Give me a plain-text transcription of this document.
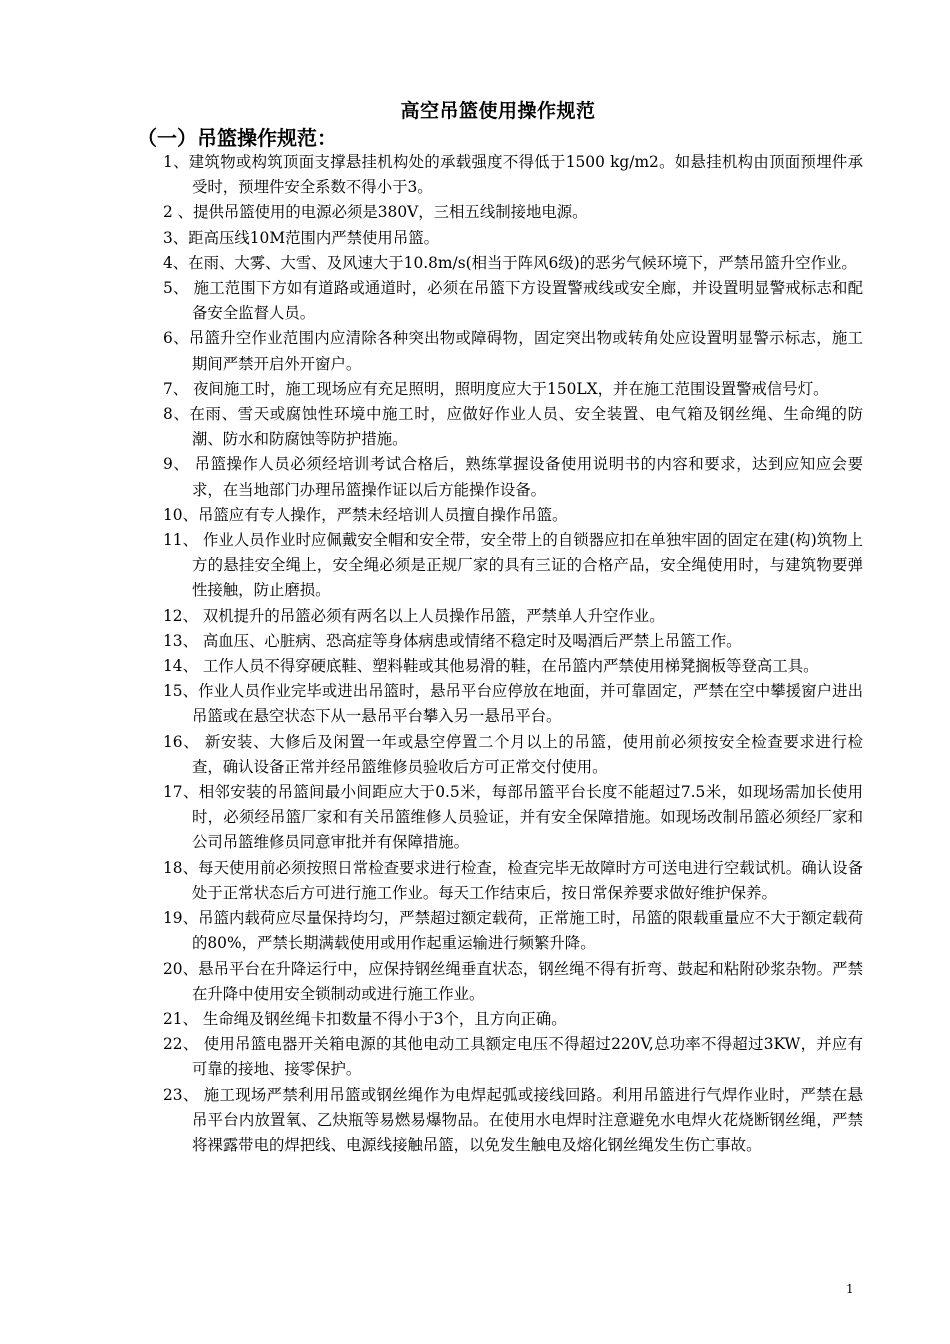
高空吊篮使用操作规范
（一）吊篮操作规范：

1、建筑物或构筑顶面支撑悬挂机构处的承载强度不得低于1500 kg/m2。如悬挂机构由顶面预埋件承受时，预埋件安全系数不得小于3。

2 、提供吊篮使用的电源必须是380V，三相五线制接地电源。

3、距高压线10M范围内严禁使用吊篮。

4、在雨、大雾、大雪、及风速大于10.8m/s(相当于阵风6级)的恶劣气候环境下，严禁吊篮升空作业。

5、 施工范围下方如有道路或通道时，必须在吊篮下方设置警戒线或安全廊，并设置明显警戒标志和配备安全监督人员。

6、吊篮升空作业范围内应清除各种突出物或障碍物，固定突出物或转角处应设置明显警示标志，施工期间严禁开启外开窗户。

7、 夜间施工时，施工现场应有充足照明，照明度应大于150LX，并在施工范围设置警戒信号灯。

8、在雨、雪天或腐蚀性环境中施工时，应做好作业人员、安全装置、电气箱及钢丝绳、生命绳的防潮、防水和防腐蚀等防护措施。

9、 吊篮操作人员必须经培训考试合格后，熟练掌握设备使用说明书的内容和要求，达到应知应会要求，在当地部门办理吊篮操作证以后方能操作设备。

10、吊篮应有专人操作，严禁未经培训人员擅自操作吊篮。

11、 作业人员作业时应佩戴安全帽和安全带，安全带上的自锁器应扣在单独牢固的固定在建(构)筑物上方的悬挂安全绳上，安全绳必须是正规厂家的具有三证的合格产品，安全绳使用时，与建筑物要弹性接触，防止磨损。

12、 双机提升的吊篮必须有两名以上人员操作吊篮，严禁单人升空作业。

13、 高血压、心脏病、恐高症等身体病患或情绪不稳定时及喝酒后严禁上吊篮工作。

14、 工作人员不得穿硬底鞋、塑料鞋或其他易滑的鞋，在吊篮内严禁使用梯凳搁板等登高工具。

15、作业人员作业完毕或进出吊篮时，悬吊平台应停放在地面，并可靠固定，严禁在空中攀援窗户进出吊篮或在悬空状态下从一悬吊平台攀入另一悬吊平台。

16、 新安装、大修后及闲置一年或悬空停置二个月以上的吊篮，使用前必须按安全检查要求进行检查，确认设备正常并经吊篮维修员验收后方可正常交付使用。

17、相邻安装的吊篮间最小间距应大于0.5米，每部吊篮平台长度不能超过7.5米，如现场需加长使用时，必须经吊篮厂家和有关吊篮维修人员验证，并有安全保障措施。如现场改制吊篮必须经厂家和公司吊篮维修员同意审批并有保障措施。

18、每天使用前必须按照日常检查要求进行检查，检查完毕无故障时方可送电进行空载试机。确认设备处于正常状态后方可进行施工作业。每天工作结束后，按日常保养要求做好维护保养。

19、吊篮内载荷应尽量保持均匀，严禁超过额定载荷，正常施工时，吊篮的限载重量应不大于额定载荷的80%，严禁长期满载使用或用作起重运输进行频繁升降。

20、悬吊平台在升降运行中，应保持钢丝绳垂直状态，钢丝绳不得有折弯、鼓起和粘附砂浆杂物。严禁在升降中使用安全锁制动或进行施工作业。

21、 生命绳及钢丝绳卡扣数量不得小于3个，且方向正确。

22、 使用吊篮电器开关箱电源的其他电动工具额定电压不得超过220V,总功率不得超过3KW，并应有可靠的接地、接零保护。

23、 施工现场严禁利用吊篮或钢丝绳作为电焊起弧或接线回路。利用吊篮进行气焊作业时，严禁在悬吊平台内放置氧、乙炔瓶等易燃易爆物品。在使用水电焊时注意避免水电焊火花烧断钢丝绳，严禁将裸露带电的焊把线、电源线接触吊篮，以免发生触电及熔化钢丝绳发生伤亡事故。

1
